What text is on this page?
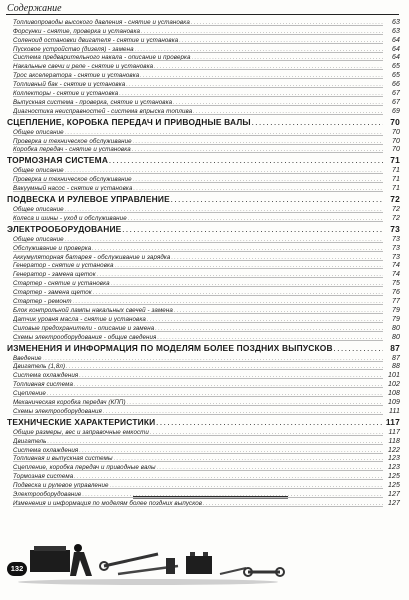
Содержание
Топливопроводы высокого давления - снятие и установка . . .	63
Форсунки - снятие, проверка и установка . . .	63
Соленоид остановки двигателя - снятие и установка . . .	64
Пусковое устройство (дизеля) - замена . . .	64
Система предварительного накала - описание и проверка . . .	64
Накальные свечи и реле - снятие и установка . . .	65
Трос акселератора - снятие и установка . . .	65
Топливный бак - снятие и установка . . .	66
Коллекторы - снятие и установка . . .	67
Выпускная система - проверка, снятие и установка . . .	67
Диагностика неисправностей - система впрыска топлива . . .	69
СЦЕПЛЕНИЕ, КОРОБКА ПЕРЕДАЧ И ПРИВОДНЫЕ ВАЛЫ . . .	70
Общее описание . . .	70
Проверка и техническое обслуживание . . .	70
Коробка передач - снятие и установка . . .	70
ТОРМОЗНАЯ СИСТЕМА . . .	71
Общее описание . . .	71
Проверка и техническое обслуживание . . .	71
Вакуумный насос - снятие и установка . . .	71
ПОДВЕСКА И РУЛЕВОЕ УПРАВЛЕНИЕ . . .	72
Общее описание . . .	72
Колеса и шины - уход и обслуживание . . .	72
ЭЛЕКТРООБОРУДОВАНИЕ . . .	73
Общее описание . . .	73
Обслуживание и проверка . . .	73
Аккумуляторная батарея - обслуживание и зарядка . . .	73
Генератор - снятие и установка . . .	74
Генератор - замена щеток . . .	74
Стартер - снятие и установка . . .	75
Стартер - замена щеток . . .	76
Стартер - ремонт . . .	77
Блок контрольной лампы накальных свечей - замена . . .	79
Датчик уровня масла - снятие и установка . . .	79
Силовые предохранители - описание и замена . . .	80
Схемы электрооборудования - общие сведения . . .	80
ИЗМЕНЕНИЯ И ИНФОРМАЦИЯ ПО МОДЕЛЯМ БОЛЕЕ ПОЗДНИХ ВЫПУСКОВ . . .	87
Введение . . .	87
Двигатель (1,8л) . . .	88
Система охлаждения . . .	101
Топливная система . . .	102
Сцепление . . .	108
Механическая коробка передач (КПП) . . .	109
Схемы электрооборудования . . .	111
ТЕХНИЧЕСКИЕ ХАРАКТЕРИСТИКИ . . .	117
Общие размеры, вес и заправочные емкости . . .	117
Двигатель . . .	118
Система охлаждения . . .	122
Топливная и выпускная системы . . .	123
Сцепление, коробка передач и приводные валы . . .	123
Тормозная система . . .	125
Подвеска и рулевое управление . . .	125
Электрооборудование . . .	127
Изменения и информация по моделям более поздних выпусков . . .	127
132
